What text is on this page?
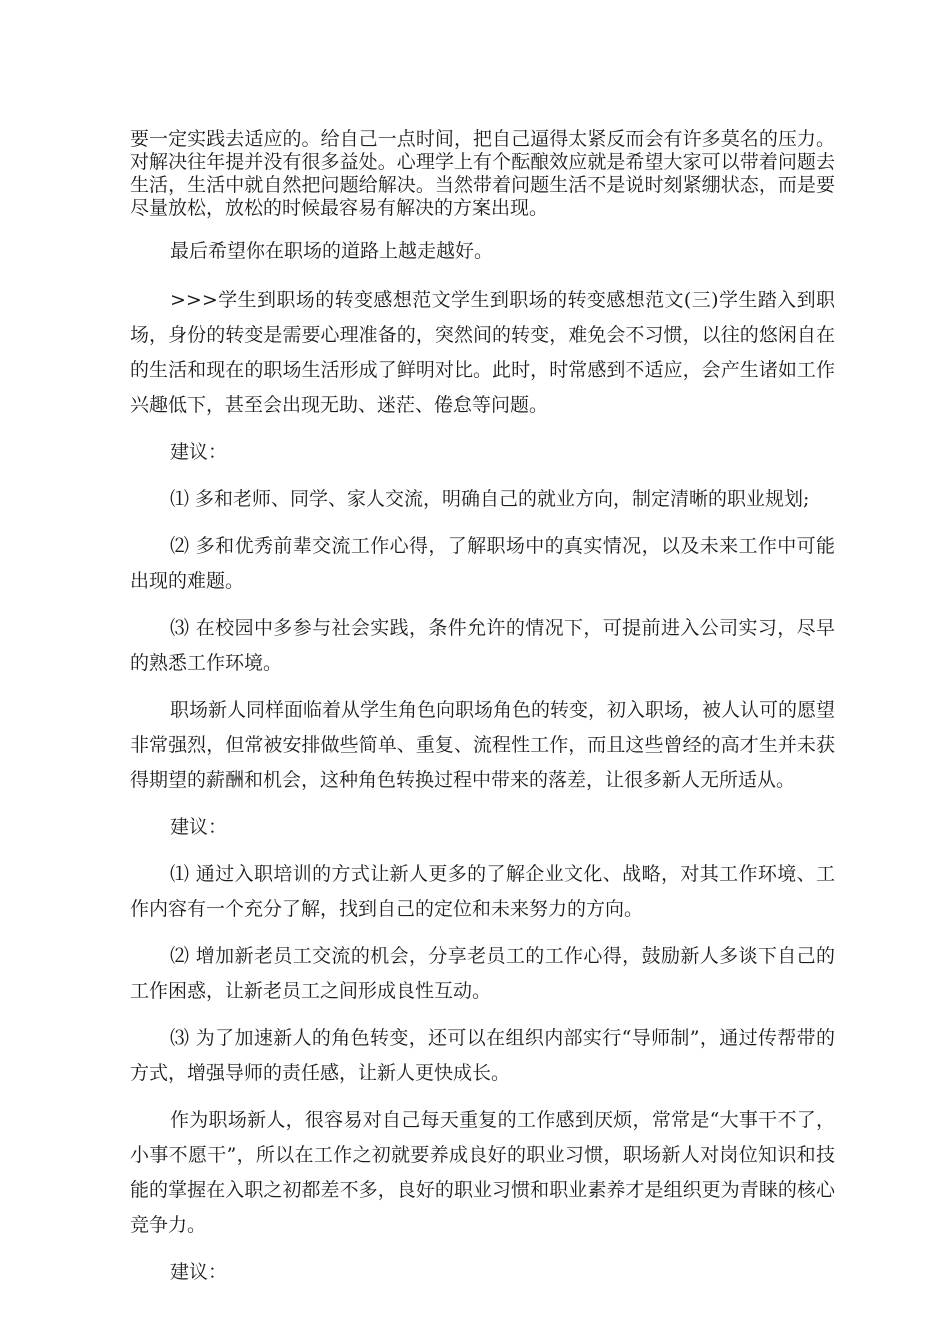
要一定实践去适应的。给自己一点时间，把自己逼得太紧反而会有许多莫名的压力。对解决往年提并没有很多益处。心理学上有个酝酿效应就是希望大家可以带着问题去生活，生活中就自然把问题给解决。当然带着问题生活不是说时刻紧绷状态，而是要尽量放松，放松的时候最容易有解决的方案出现。

最后希望你在职场的道路上越走越好。

>>>学生到职场的转变感想范文学生到职场的转变感想范文(三)学生踏入到职场，身份的转变是需要心理准备的，突然间的转变，难免会不习惯，以往的悠闲自在的生活和现在的职场生活形成了鲜明对比。此时，时常感到不适应，会产生诸如工作兴趣低下，甚至会出现无助、迷茫、倦怠等问题。

建议：

⑴ 多和老师、同学、家人交流，明确自己的就业方向，制定清晰的职业规划;

⑵ 多和优秀前辈交流工作心得，了解职场中的真实情况，以及未来工作中可能出现的难题。

⑶ 在校园中多参与社会实践，条件允许的情况下，可提前进入公司实习，尽早的熟悉工作环境。

职场新人同样面临着从学生角色向职场角色的转变，初入职场，被人认可的愿望非常强烈，但常被安排做些简单、重复、流程性工作，而且这些曾经的高才生并未获得期望的薪酬和机会，这种角色转换过程中带来的落差，让很多新人无所适从。

建议：

⑴ 通过入职培训的方式让新人更多的了解企业文化、战略，对其工作环境、工作内容有一个充分了解，找到自己的定位和未来努力的方向。

⑵ 增加新老员工交流的机会，分享老员工的工作心得，鼓励新人多谈下自己的工作困惑，让新老员工之间形成良性互动。

⑶ 为了加速新人的角色转变，还可以在组织内部实行“导师制”，通过传帮带的方式，增强导师的责任感，让新人更快成长。

作为职场新人，很容易对自己每天重复的工作感到厌烦，常常是“大事干不了，小事不愿干”，所以在工作之初就要养成良好的职业习惯，职场新人对岗位知识和技能的掌握在入职之初都差不多，良好的职业习惯和职业素养才是组织更为青睐的核心竞争力。

建议：
